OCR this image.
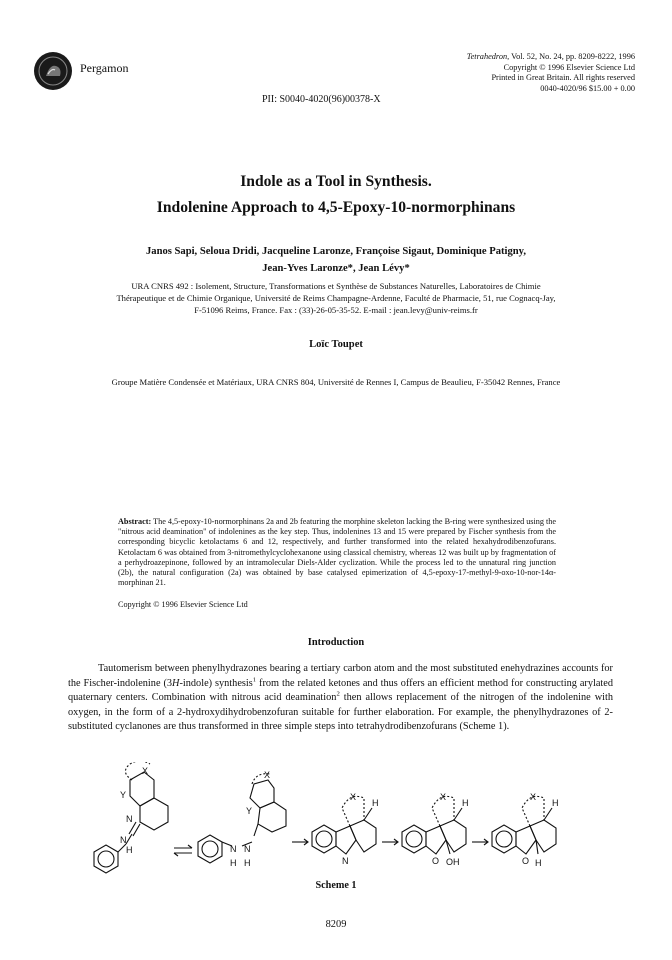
Pergamon
Tetrahedron, Vol. 52, No. 24, pp. 8209-8222, 1996
Copyright © 1996 Elsevier Science Ltd
Printed in Great Britain. All rights reserved
0040-4020/96 $15.00 + 0.00
PII: S0040-4020(96)00378-X
Indole as a Tool in Synthesis.
Indolenine Approach to 4,5-Epoxy-10-normorphinans
Janos Sapi, Seloua Dridi, Jacqueline Laronze, Françoise Sigaut, Dominique Patigny,
Jean-Yves Laronze*, Jean Lévy*
URA CNRS 492 : Isolement, Structure, Transformations et Synthèse de Substances Naturelles, Laboratoires de Chimie
Thérapeutique et de Chimie Organique, Université de Reims Champagne-Ardenne, Faculté de Pharmacie, 51, rue Cognacq-Jay,
F-51096 Reims, France. Fax : (33)-26-05-35-52. E-mail : jean.levy@univ-reims.fr
Loïc Toupet
Groupe Matière Condensée et Matériaux, URA CNRS 804, Université de Rennes I, Campus de Beaulieu, F-35042 Rennes, France
Abstract: The 4,5-epoxy-10-normorphinans 2a and 2b featuring the morphine skeleton lacking the B-ring were synthesized using the "nitrous acid deamination" of indolenines as the key step. Thus, indolenines 13 and 15 were prepared by Fischer synthesis from the corresponding bicyclic ketolactams 6 and 12, respectively, and further transformed into the related hexahydrodibenzofurans. Ketolactam 6 was obtained from 3-nitromethylcyclohexanone using classical chemistry, whereas 12 was built up by fragmentation of a perhydroazepinone, followed by an intramolecular Diels-Alder cyclization. While the process led to the unnatural ring junction (2b), the natural configuration (2a) was obtained by base catalysed epimerization of 4,5-epoxy-17-methyl-9-oxo-10-nor-14α-morphinan 21.
Copyright © 1996 Elsevier Science Ltd
Introduction
Tautomerism between phenylhydrazones bearing a tertiary carbon atom and the most substituted enehydrazines accounts for the Fischer-indolenine (3H-indole) synthesis$^1$ from the related ketones and thus offers an efficient method for constructing arylated quaternary centers. Combination with nitrous acid deamination$^2$ then allows replacement of the nitrogen of the indolenine with oxygen, in the form of a 2-hydroxydihydrobenzofuran suitable for further elaboration. For example, the phenylhydrazones of 2-substituted cyclanones are thus transformed in three simple steps into tetrahydrodibenzofurans (Scheme 1).
N
N
H
X
Y
N N
H H
X
Y
N
X
H
O OH
X
H
O H
X
H
Scheme 1
8209
